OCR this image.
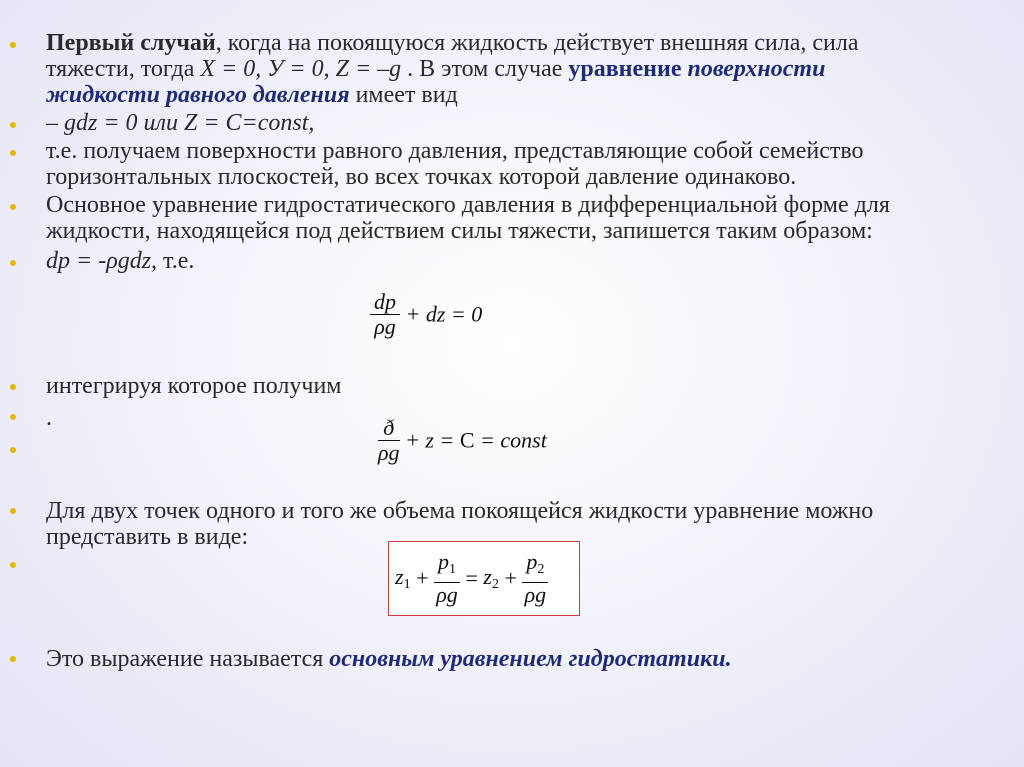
Первый случай, когда на покоящуюся жидкость действует внешняя сила, сила
тяжести, тогда X = 0, У = 0, Z = –g . В этом случае уравнение поверхности
жидкости равного давления имеет вид
– gdz = 0 или Z = C=const,
т.е. получаем поверхности равного давления, представляющие собой семейство
горизонтальных плоскостей, во всех точках которой давление одинаково.
Основное уравнение гидростатического давления в дифференциальной форме для
жидкости, находящейся под действием силы тяжести, запишется таким образом:
dp = -ρgdz, т.е.
$\frac{dp}{\rho g}$ + dz = 0
интегрируя которое получим
.	$\frac{ð}{\rho g} + z = C$ = const
Для двух точек одного и того же объема покоящейся жидкости уравнение можно
представить в виде:
$z_1 + \frac{p_1}{\rho g} = z_2 + \frac{p_2}{\rho g}$
Это выражение называется основным уравнением гидростатики.
